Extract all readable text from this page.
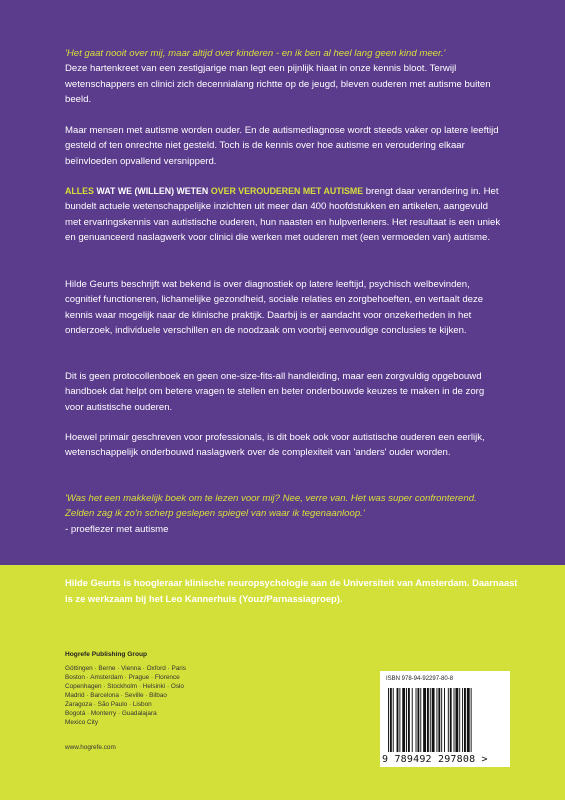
'Het gaat nooit over mij, maar altijd over kinderen - en ik ben al heel lang geen kind meer.'
Deze hartenkreet van een zestigjarige man legt een pijnlijk hiaat in onze kennis bloot. Terwijl wetenschappers en clinici zich decennialang richtte op de jeugd, bleven ouderen met autisme buiten beeld.

Maar mensen met autisme worden ouder. En de autismediagnose wordt steeds vaker op latere leeftijd gesteld of ten onrechte niet gesteld. Toch is de kennis over hoe autisme en veroudering elkaar beïnvloeden opvallend versnipperd.

ALLES WAT WE (WILLEN) WETEN OVER VEROUDEREN MET AUTISME brengt daar verandering in. Het bundelt actuele wetenschappelijke inzichten uit meer dan 400 hoofdstukken en artikelen, aangevuld met ervaringskennis van autistische ouderen, hun naasten en hulpverleners. Het resultaat is een uniek en genuanceerd naslagwerk voor clinici die werken met ouderen met (een vermoeden van) autisme.

Hilde Geurts beschrijft wat bekend is over diagnostiek op latere leeftijd, psychisch welbevinden, cognitief functioneren, lichamelijke gezondheid, sociale relaties en zorgbehoeften, en vertaalt deze kennis waar mogelijk naar de klinische praktijk. Daarbij is er aandacht voor onzekerheden in het onderzoek, individuele verschillen en de noodzaak om voorbij eenvoudige conclusies te kijken.

Dit is geen protocollenboek en geen one-size-fits-all handleiding, maar een zorgvuldig opgebouwd handboek dat helpt om betere vragen te stellen en beter onderbouwde keuzes te maken in de zorg voor autistische ouderen.

Hoewel primair geschreven voor professionals, is dit boek ook voor autistische ouderen een eerlijk, wetenschappelijk onderbouwd naslagwerk over de complexiteit van 'anders' ouder worden.

'Was het een makkelijk boek om te lezen voor mij? Nee, verre van. Het was super confronterend. Zelden zag ik zo'n scherp geslepen spiegel van waar ik tegenaanloop.'
- proeflezer met autisme

Hilde Geurts is hoogleraar klinische neuropsychologie aan de Universiteit van Amsterdam. Daarnaast is ze werkzaam bij het Leo Kannerhuis (Youz/Parnassiagroep).

Hogrefe Publishing Group
Göttingen · Berne · Vienna · Oxford · Paris
Boston · Amsterdam · Prague · Florence
Copenhagen · Stockholm · Helsinki · Oslo
Madrid · Barcelona · Seville · Bilbao
Zaragoza · São Paulo · Lisbon
Bogotá · Monterry · Guadalajara
Mexico City
www.hogrefe.com
ISBN 978-94-92297-80-8
9 789492 297808 >
